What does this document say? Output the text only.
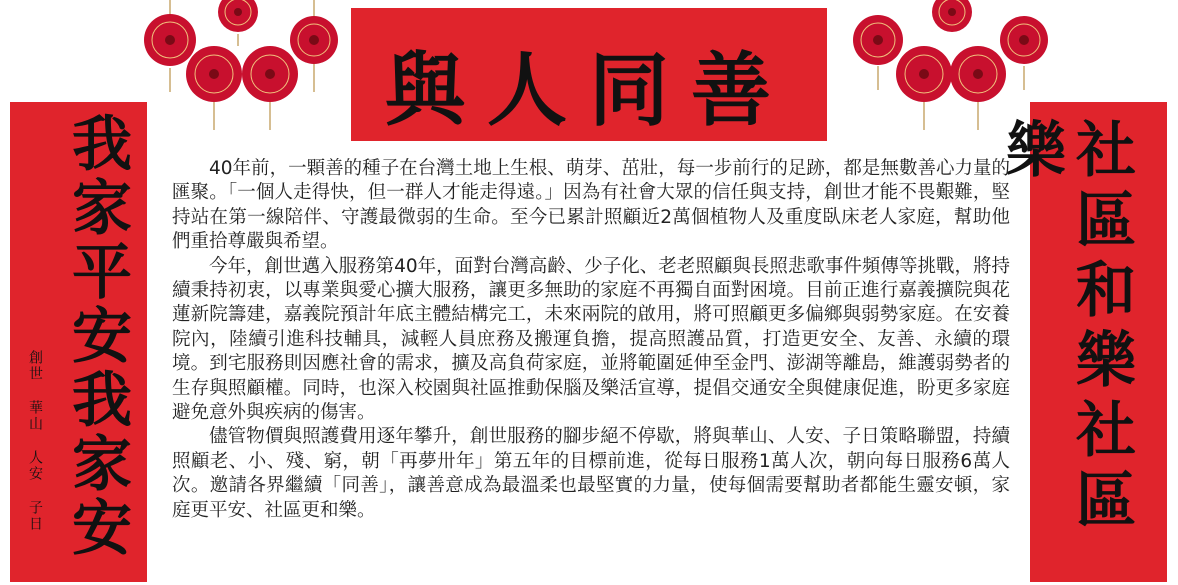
與人同善
創世 華山 人安 子日 我家平安我家安	社區和樂社區樂

40年前，一顆善的種子在台灣土地上生根、萌芽、茁壯，每一步前行的足跡，都是無數善心力量的匯聚。「一個人走得快，但一群人才能走得遠。」因為有社會大眾的信任與支持，創世才能不畏艱難，堅持站在第一線陪伴、守護最微弱的生命。至今已累計照顧近2萬個植物人及重度臥床老人家庭，幫助他們重拾尊嚴與希望。

今年，創世邁入服務第40年，面對台灣高齡、少子化、老老照顧與長照悲歌事件頻傳等挑戰，將持續秉持初衷，以專業與愛心擴大服務，讓更多無助的家庭不再獨自面對困境。目前正進行嘉義擴院與花蓮新院籌建，嘉義院預計年底主體結構完工，未來兩院的啟用，將可照顧更多偏鄉與弱勢家庭。在安養院內，陸續引進科技輔具，減輕人員庶務及搬運負擔，提高照護品質，打造更安全、友善、永續的環境。到宅服務則因應社會的需求，擴及高負荷家庭，並將範圍延伸至金門、澎湖等離島，維護弱勢者的生存與照顧權。同時，也深入校園與社區推動保腦及樂活宣導，提倡交通安全與健康促進，盼更多家庭避免意外與疾病的傷害。

儘管物價與照護費用逐年攀升，創世服務的腳步絕不停歇，將與華山、人安、子日策略聯盟，持續照顧老、小、殘、窮，朝「再夢卅年」第五年的目標前進，從每日服務1萬人次，朝向每日服務6萬人次。邀請各界繼續「同善」，讓善意成為最溫柔也最堅實的力量，使每個需要幫助者都能生靈安頓，家庭更平安、社區更和樂。
